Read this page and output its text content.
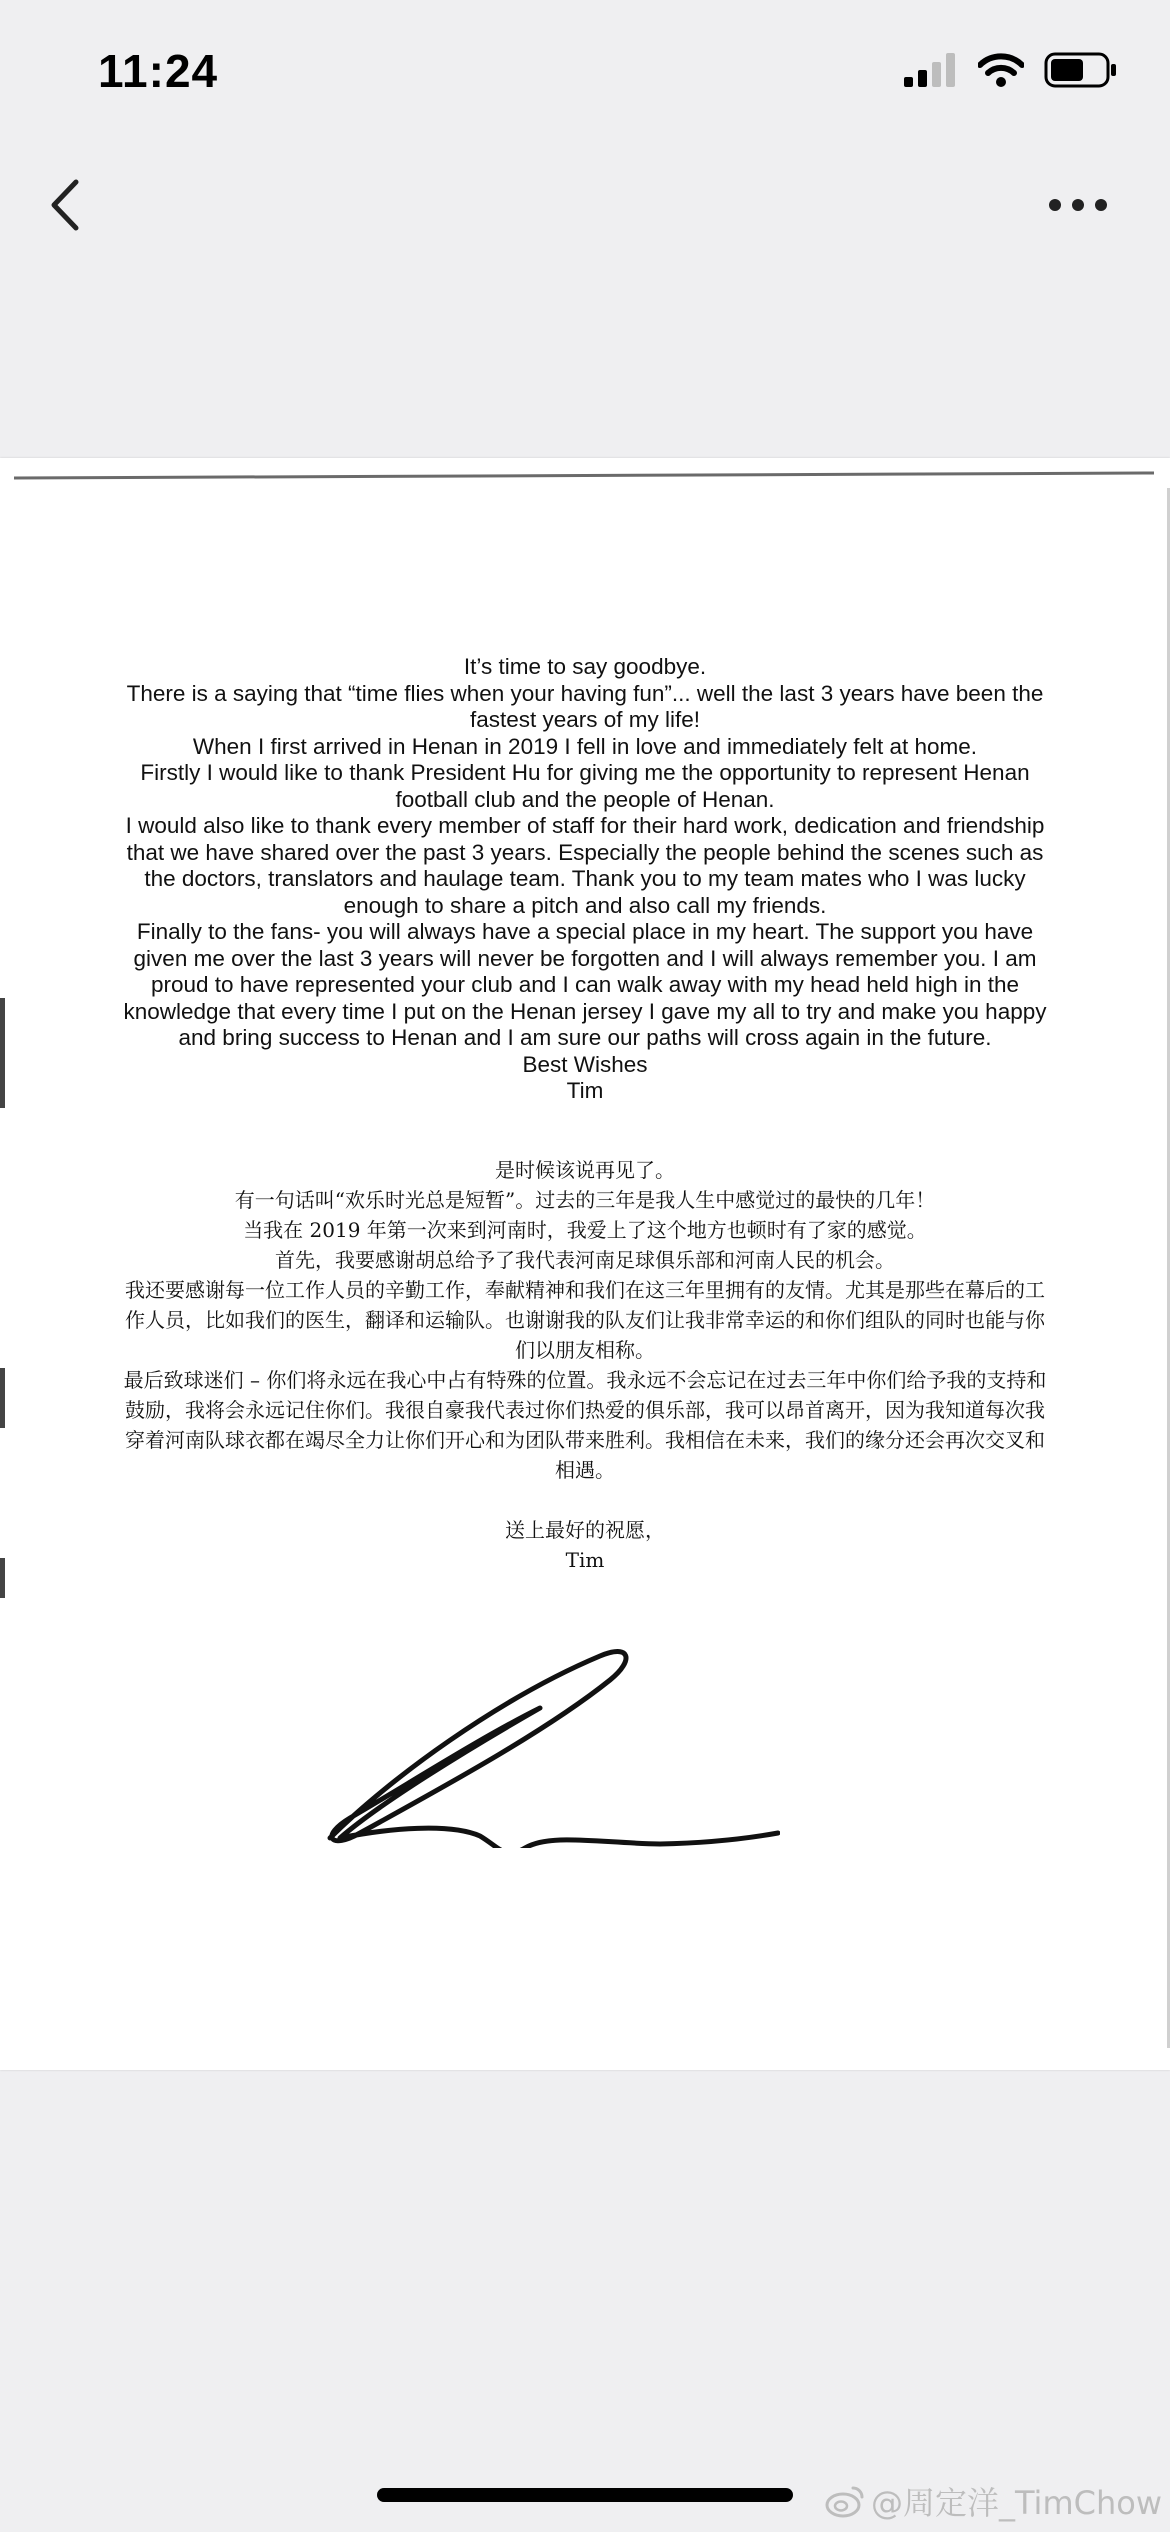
11:24

It’s time to say goodbye.

There is a saying that “time flies when your having fun”... well the last 3 years have been the fastest years of my life!

When I first arrived in Henan in 2019 I fell in love and immediately felt at home.

Firstly I would like to thank President Hu for giving me the opportunity to represent Henan football club and the people of Henan.

I would also like to thank every member of staff for their hard work, dedication and friendship that we have shared over the past 3 years. Especially the people behind the scenes such as the doctors, translators and haulage team. Thank you to my team mates who I was lucky enough to share a pitch and also call my friends.

Finally to the fans- you will always have a special place in my heart. The support you have given me over the last 3 years will never be forgotten and I will always remember you. I am proud to have represented your club and I can walk away with my head held high in the knowledge that every time I put on the Henan jersey I gave my all to try and make you happy and bring success to Henan and I am sure our paths will cross again in the future.

Best Wishes

Tim

是时候该说再见了。

有一句话叫“欢乐时光总是短暂”。过去的三年是我人生中感觉过的最快的几年！

当我在 2019 年第一次来到河南时，我爱上了这个地方也顿时有了家的感觉。

首先，我要感谢胡总给予了我代表河南足球俱乐部和河南人民的机会。

我还要感谢每一位工作人员的辛勤工作，奉献精神和我们在这三年里拥有的友情。尤其是那些在幕后的工作人员，比如我们的医生，翻译和运输队。也谢谢我的队友们让我非常幸运的和你们组队的同时也能与你们以朋友相称。

最后致球迷们 – 你们将永远在我心中占有特殊的位置。我永远不会忘记在过去三年中你们给予我的支持和鼓励，我将会永远记住你们。我很自豪我代表过你们热爱的俱乐部，我可以昂首离开，因为我知道每次我穿着河南队球衣都在竭尽全力让你们开心和为团队带来胜利。我相信在未来，我们的缘分还会再次交叉和相遇。

送上最好的祝愿，

Tim

@周定洋_TimChow
